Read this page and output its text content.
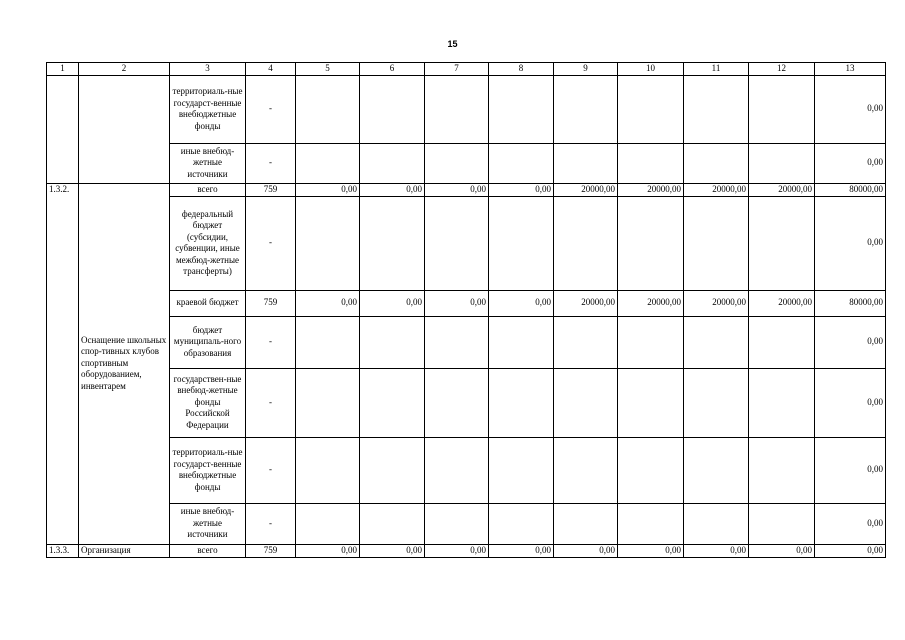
15
1	2	3	4	5	6	7	8	9	10	11	12	13
		территориаль-ные государст-венные внебюджетные фонды	-									0,00
		иные внебюд-жетные источники	-									0,00
1.3.2.	Оснащение школьных спор-тивных клубов спортивным оборудованием, инвентарем	всего	759	0,00	0,00	0,00	0,00	20000,00	20000,00	20000,00	20000,00	80000,00
		федеральный бюджет (субсидии, субвенции, иные межбюд-жетные трансферты)	-									0,00
		краевой бюджет	759	0,00	0,00	0,00	0,00	20000,00	20000,00	20000,00	20000,00	80000,00
		бюджет муниципаль-ного образования	-									0,00
		государствен-ные внебюд-жетные фонды Российской Федерации	-									0,00
		территориаль-ные государст-венные внебюджетные фонды	-									0,00
		иные внебюд-жетные источники	-									0,00
1.3.3.	Организация	всего	759	0,00	0,00	0,00	0,00	0,00	0,00	0,00	0,00	0,00
